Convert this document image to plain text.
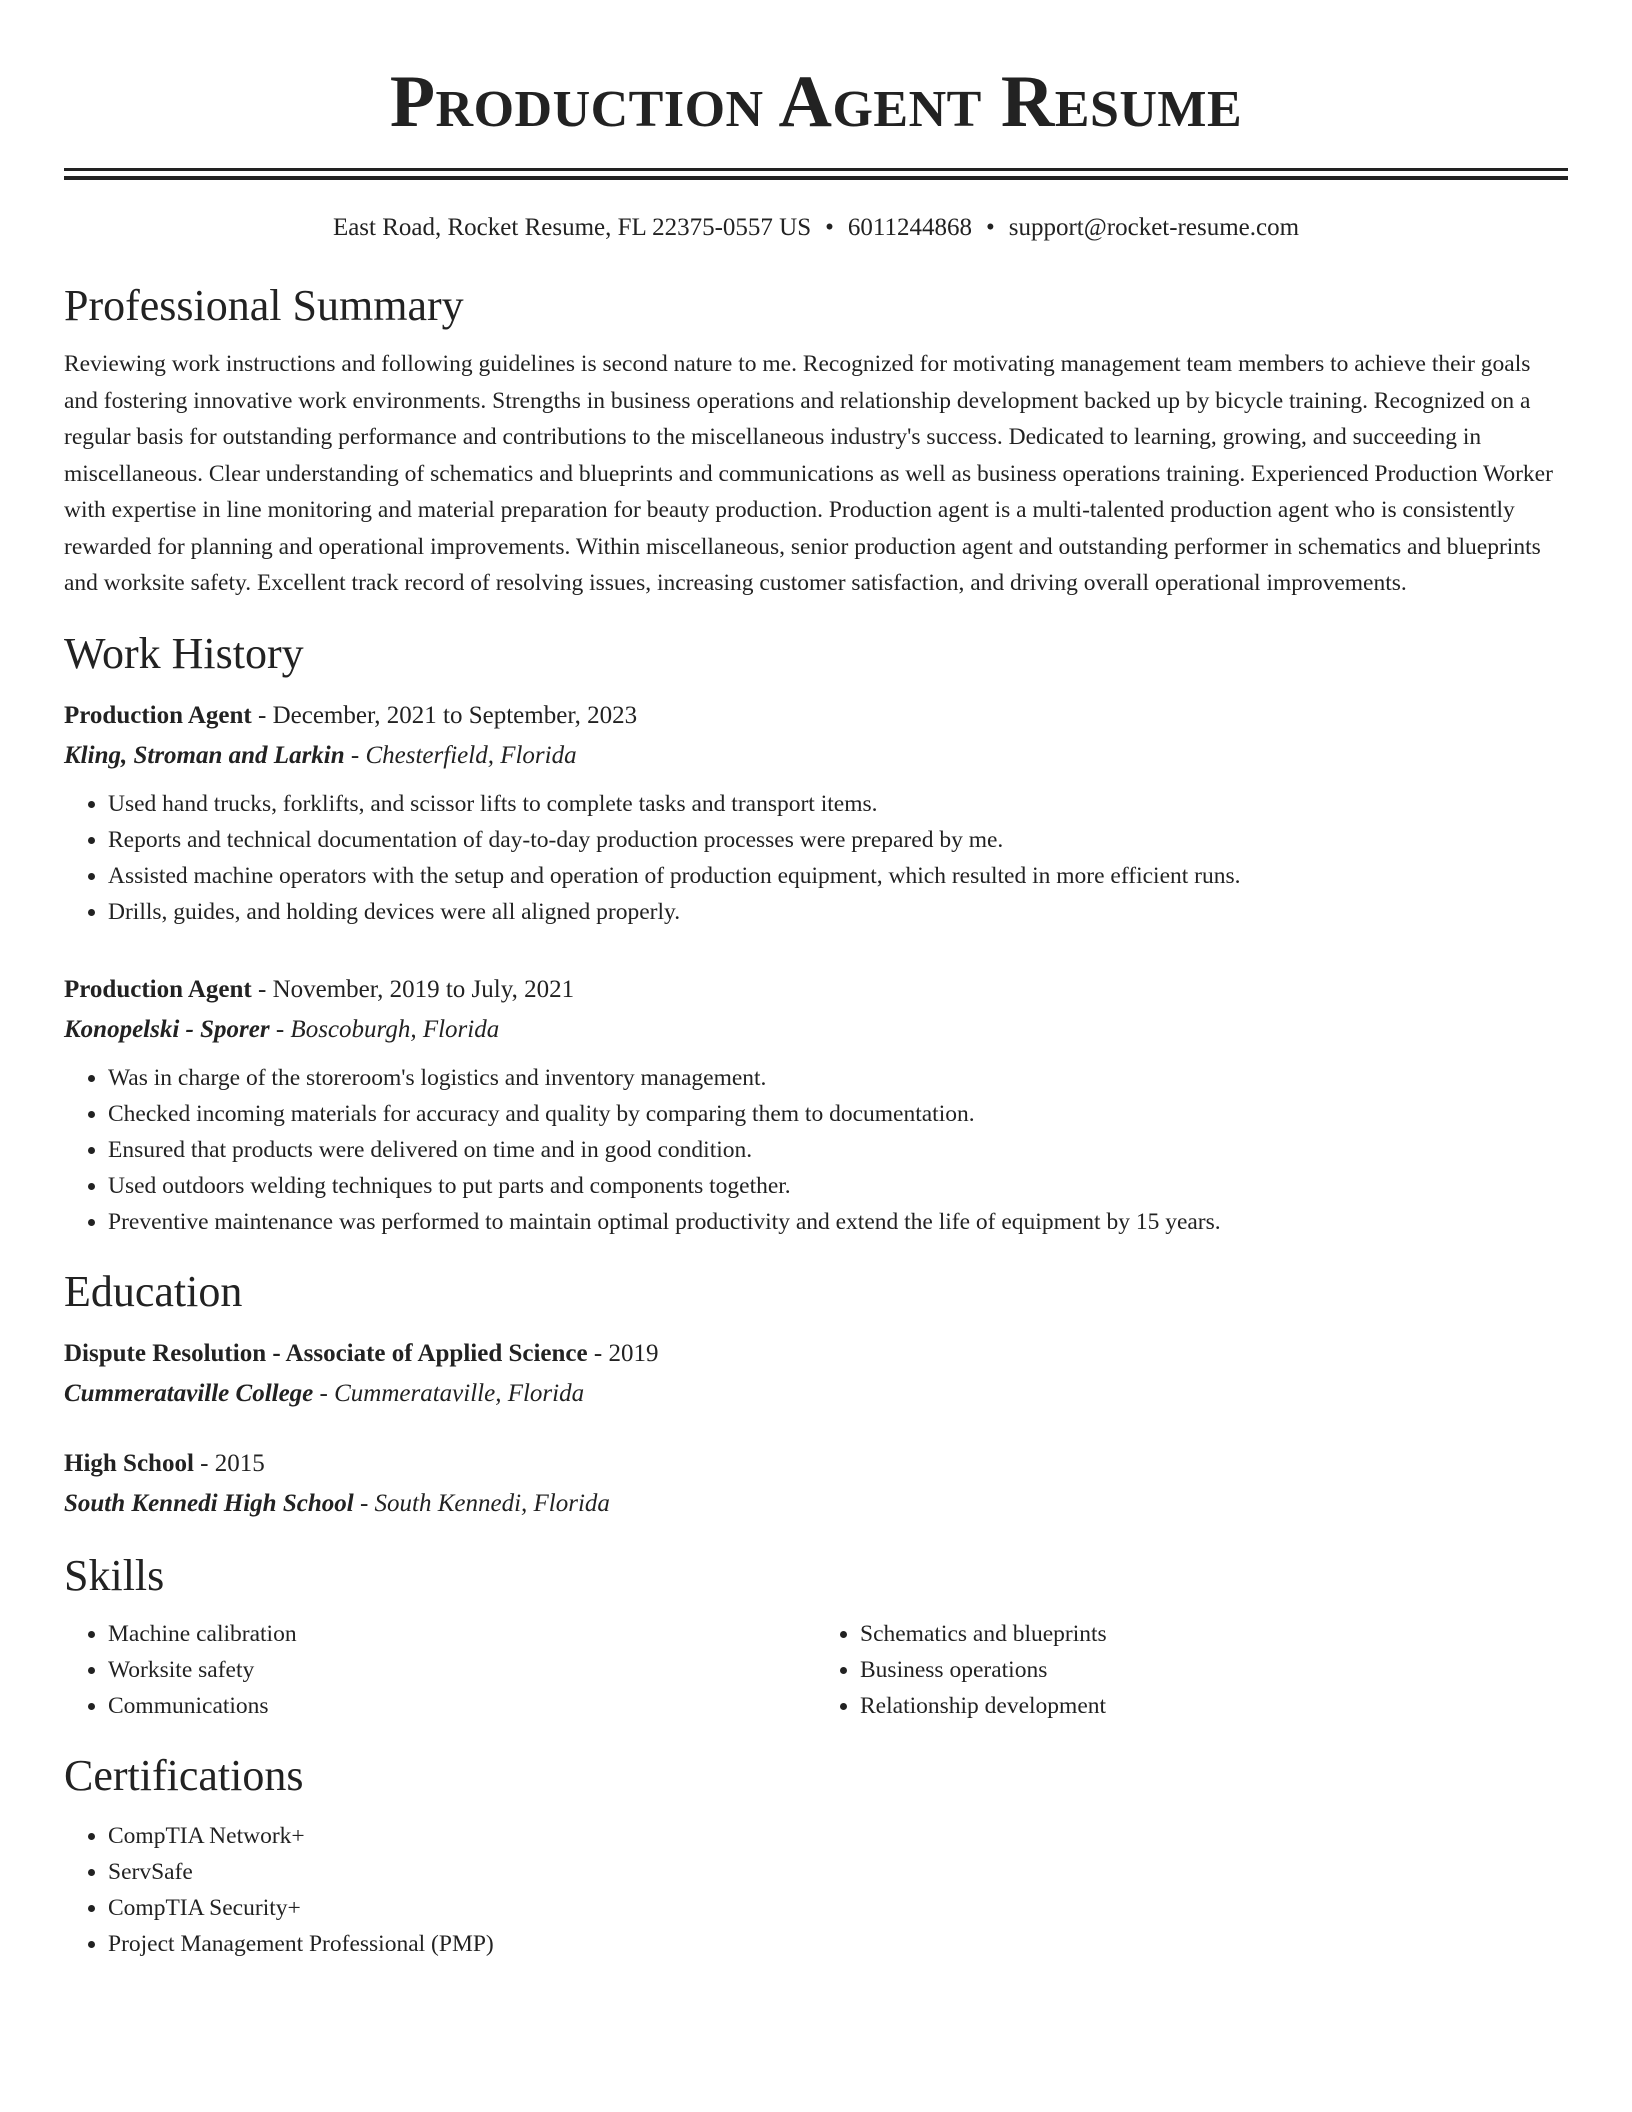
Production Agent Resume
East Road, Rocket Resume, FL 22375-0557 US • 6011244868 • support@rocket-resume.com
Professional Summary

Reviewing work instructions and following guidelines is second nature to me. Recognized for motivating management team members to achieve their goals and fostering innovative work environments. Strengths in business operations and relationship development backed up by bicycle training. Recognized on a regular basis for outstanding performance and contributions to the miscellaneous industry's success. Dedicated to learning, growing, and succeeding in miscellaneous. Clear understanding of schematics and blueprints and communications as well as business operations training. Experienced Production Worker with expertise in line monitoring and material preparation for beauty production. Production agent is a multi-talented production agent who is consistently rewarded for planning and operational improvements. Within miscellaneous, senior production agent and outstanding performer in schematics and blueprints and worksite safety. Excellent track record of resolving issues, increasing customer satisfaction, and driving overall operational improvements.

Work History
Production Agent - December, 2021 to September, 2023
Kling, Stroman and Larkin - Chesterfield, Florida
• Used hand trucks, forklifts, and scissor lifts to complete tasks and transport items.
• Reports and technical documentation of day-to-day production processes were prepared by me.
• Assisted machine operators with the setup and operation of production equipment, which resulted in more efficient runs.
• Drills, guides, and holding devices were all aligned properly.
Production Agent - November, 2019 to July, 2021
Konopelski - Sporer - Boscoburgh, Florida
• Was in charge of the storeroom's logistics and inventory management.
• Checked incoming materials for accuracy and quality by comparing them to documentation.
• Ensured that products were delivered on time and in good condition.
• Used outdoors welding techniques to put parts and components together.
• Preventive maintenance was performed to maintain optimal productivity and extend the life of equipment by 15 years.
Education
Dispute Resolution - Associate of Applied Science - 2019
Cummerataville College - Cummerataville, Florida
High School - 2015
South Kennedi High School - South Kennedi, Florida
Skills
• Machine calibration
• Worksite safety
• Communications
• Schematics and blueprints
• Business operations
• Relationship development
Certifications
• CompTIA Network+
• ServSafe
• CompTIA Security+
• Project Management Professional (PMP)
